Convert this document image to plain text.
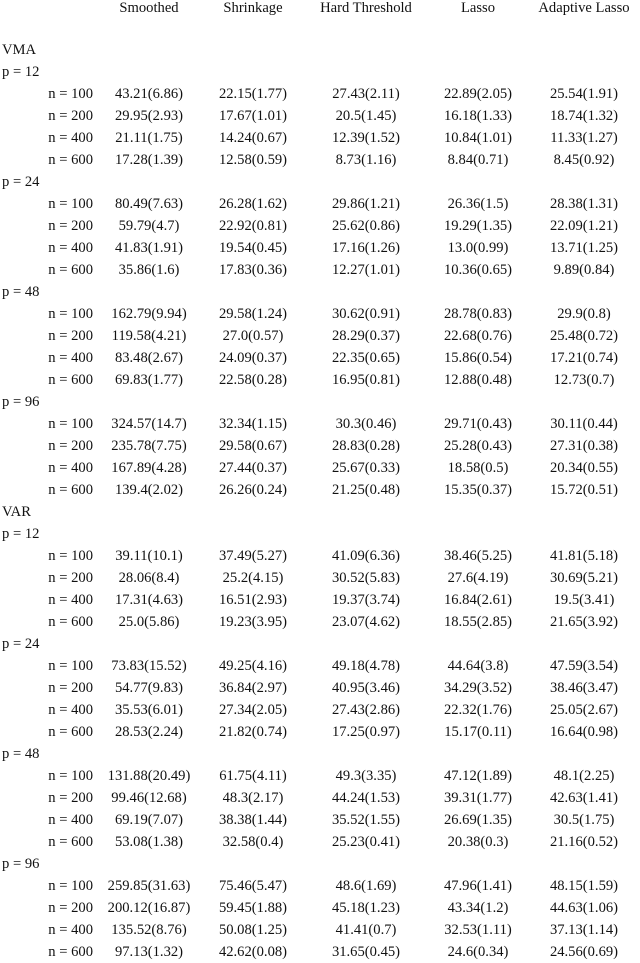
	Smoothed	Shrinkage	Hard Threshold	Lasso	Adaptive Lasso

VMA					
p = 12					
n = 100	43.21(6.86)	22.15(1.77)	27.43(2.11)	22.89(2.05)	25.54(1.91)
n = 200	29.95(2.93)	17.67(1.01)	20.5(1.45)	16.18(1.33)	18.74(1.32)
n = 400	21.11(1.75)	14.24(0.67)	12.39(1.52)	10.84(1.01)	11.33(1.27)
n = 600	17.28(1.39)	12.58(0.59)	8.73(1.16)	8.84(0.71)	8.45(0.92)
p = 24					
n = 100	80.49(7.63)	26.28(1.62)	29.86(1.21)	26.36(1.5)	28.38(1.31)
n = 200	59.79(4.7)	22.92(0.81)	25.62(0.86)	19.29(1.35)	22.09(1.21)
n = 400	41.83(1.91)	19.54(0.45)	17.16(1.26)	13.0(0.99)	13.71(1.25)
n = 600	35.86(1.6)	17.83(0.36)	12.27(1.01)	10.36(0.65)	9.89(0.84)
p = 48					
n = 100	162.79(9.94)	29.58(1.24)	30.62(0.91)	28.78(0.83)	29.9(0.8)
n = 200	119.58(4.21)	27.0(0.57)	28.29(0.37)	22.68(0.76)	25.48(0.72)
n = 400	83.48(2.67)	24.09(0.37)	22.35(0.65)	15.86(0.54)	17.21(0.74)
n = 600	69.83(1.77)	22.58(0.28)	16.95(0.81)	12.88(0.48)	12.73(0.7)
p = 96					
n = 100	324.57(14.7)	32.34(1.15)	30.3(0.46)	29.71(0.43)	30.11(0.44)
n = 200	235.78(7.75)	29.58(0.67)	28.83(0.28)	25.28(0.43)	27.31(0.38)
n = 400	167.89(4.28)	27.44(0.37)	25.67(0.33)	18.58(0.5)	20.34(0.55)
n = 600	139.4(2.02)	26.26(0.24)	21.25(0.48)	15.35(0.37)	15.72(0.51)
VAR					
p = 12					
n = 100	39.11(10.1)	37.49(5.27)	41.09(6.36)	38.46(5.25)	41.81(5.18)
n = 200	28.06(8.4)	25.2(4.15)	30.52(5.83)	27.6(4.19)	30.69(5.21)
n = 400	17.31(4.63)	16.51(2.93)	19.37(3.74)	16.84(2.61)	19.5(3.41)
n = 600	25.0(5.86)	19.23(3.95)	23.07(4.62)	18.55(2.85)	21.65(3.92)
p = 24					
n = 100	73.83(15.52)	49.25(4.16)	49.18(4.78)	44.64(3.8)	47.59(3.54)
n = 200	54.77(9.83)	36.84(2.97)	40.95(3.46)	34.29(3.52)	38.46(3.47)
n = 400	35.53(6.01)	27.34(2.05)	27.43(2.86)	22.32(1.76)	25.05(2.67)
n = 600	28.53(2.24)	21.82(0.74)	17.25(0.97)	15.17(0.11)	16.64(0.98)
p = 48					
n = 100	131.88(20.49)	61.75(4.11)	49.3(3.35)	47.12(1.89)	48.1(2.25)
n = 200	99.46(12.68)	48.3(2.17)	44.24(1.53)	39.31(1.77)	42.63(1.41)
n = 400	69.19(7.07)	38.38(1.44)	35.52(1.55)	26.69(1.35)	30.5(1.75)
n = 600	53.08(1.38)	32.58(0.4)	25.23(0.41)	20.38(0.3)	21.16(0.52)
p = 96					
n = 100	259.85(31.63)	75.46(5.47)	48.6(1.69)	47.96(1.41)	48.15(1.59)
n = 200	200.12(16.87)	59.45(1.88)	45.18(1.23)	43.34(1.2)	44.63(1.06)
n = 400	135.52(8.76)	50.08(1.25)	41.41(0.7)	32.53(1.11)	37.13(1.14)
n = 600	97.13(1.32)	42.62(0.08)	31.65(0.45)	24.6(0.34)	24.56(0.69)
